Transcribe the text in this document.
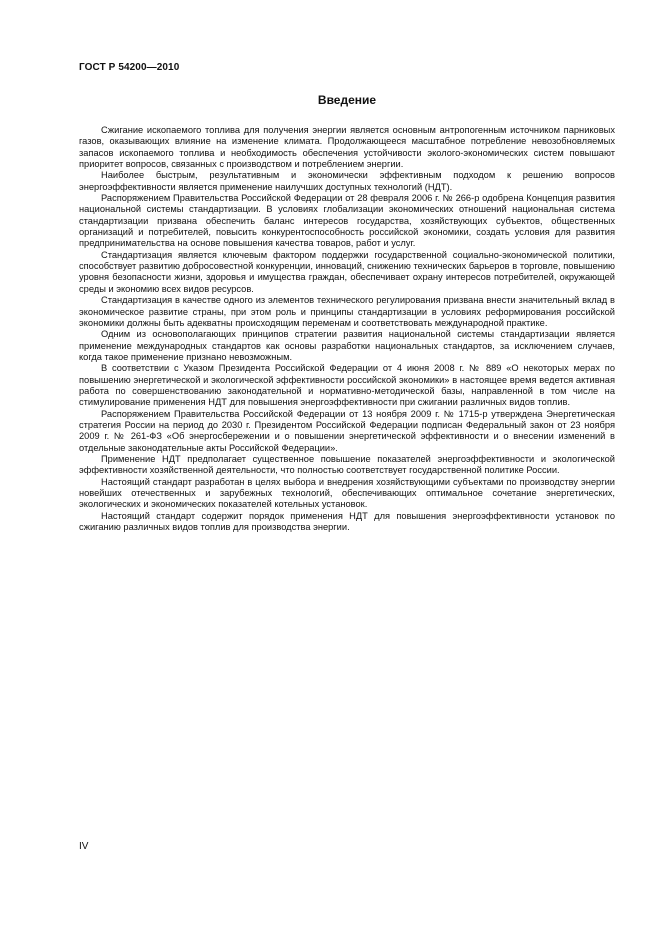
ГОСТ Р 54200—2010
Введение

Сжигание ископаемого топлива для получения энергии является основным антропогенным источником парниковых газов, оказывающих влияние на изменение климата. Продолжающееся масштабное потребление невозобновляемых запасов ископаемого топлива и необходимость обеспечения устойчивости эколого-экономических систем повышают приоритет вопросов, связанных с производством и потреблением энергии.

Наиболее быстрым, результативным и экономически эффективным подходом к решению вопросов энергоэффективности является применение наилучших доступных технологий (НДТ).

Распоряжением Правительства Российской Федерации от 28 февраля 2006 г. № 266-р одобрена Концепция развития национальной системы стандартизации. В условиях глобализации экономических отношений национальная система стандартизации призвана обеспечить баланс интересов государства, хозяйствующих субъектов, общественных организаций и потребителей, повысить конкурентоспособность российской экономики, создать условия для развития предпринимательства на основе повышения качества товаров, работ и услуг.

Стандартизация является ключевым фактором поддержки государственной социально-экономической политики, способствует развитию добросовестной конкуренции, инноваций, снижению технических барьеров в торговле, повышению уровня безопасности жизни, здоровья и имущества граждан, обеспечивает охрану интересов потребителей, окружающей среды и экономию всех видов ресурсов.

Стандартизация в качестве одного из элементов технического регулирования призвана внести значительный вклад в экономическое развитие страны, при этом роль и принципы стандартизации в условиях реформирования российской экономики должны быть адекватны происходящим переменам и соответствовать международной практике.

Одним из основополагающих принципов стратегии развития национальной системы стандартизации является применение международных стандартов как основы разработки национальных стандартов, за исключением случаев, когда такое применение признано невозможным.

В соответствии с Указом Президента Российской Федерации от 4 июня 2008 г. № 889 «О некоторых мерах по повышению энергетической и экологической эффективности российской экономики» в настоящее время ведется активная работа по совершенствованию законодательной и нормативно-методической базы, направленной в том числе на стимулирование применения НДТ для повышения энергоэффективности при сжигании различных видов топлив.

Распоряжением Правительства Российской Федерации от 13 ноября 2009 г. № 1715-р утверждена Энергетическая стратегия России на период до 2030 г. Президентом Российской Федерации подписан Федеральный закон от 23 ноября 2009 г. № 261-ФЗ «Об энергосбережении и о повышении энергетической эффективности и о внесении изменений в отдельные законодательные акты Российской Федерации».

Применение НДТ предполагает существенное повышение показателей энергоэффективности и экологической эффективности хозяйственной деятельности, что полностью соответствует государственной политике России.

Настоящий стандарт разработан в целях выбора и внедрения хозяйствующими субъектами по производству энергии новейших отечественных и зарубежных технологий, обеспечивающих оптимальное сочетание энергетических, экологических и экономических показателей котельных установок.

Настоящий стандарт содержит порядок применения НДТ для повышения энергоэффективности установок по сжиганию различных видов топлив для производства энергии.

IV
